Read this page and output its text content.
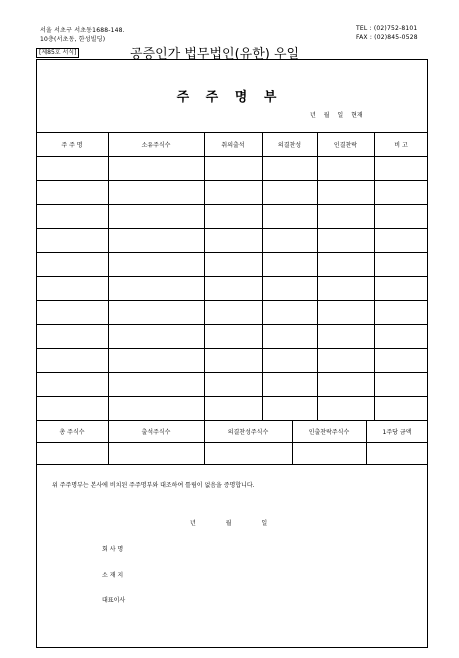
서울 서초구 서초동1688-148.
10층(서초동, 한성빌딩)
TEL : (02)752-8101
FAX : (02)845-0528
[제85호 서식]	공증인가 법무법인(유한) 우일
주 주 명 부
년 월 일 현재
주 주 명	소유주식수	취의출석	의결찬성	인결찬락	비 고
총 주식수	출석주식수	의결찬성주식수	인출찬락주식수	1주당 금액
위 주주명부는 본사에 비치된 주주명부와 대조하여 틀림이 없음을 증명합니다.
년 월 일
회 사 명
소 재 지
대표이사
